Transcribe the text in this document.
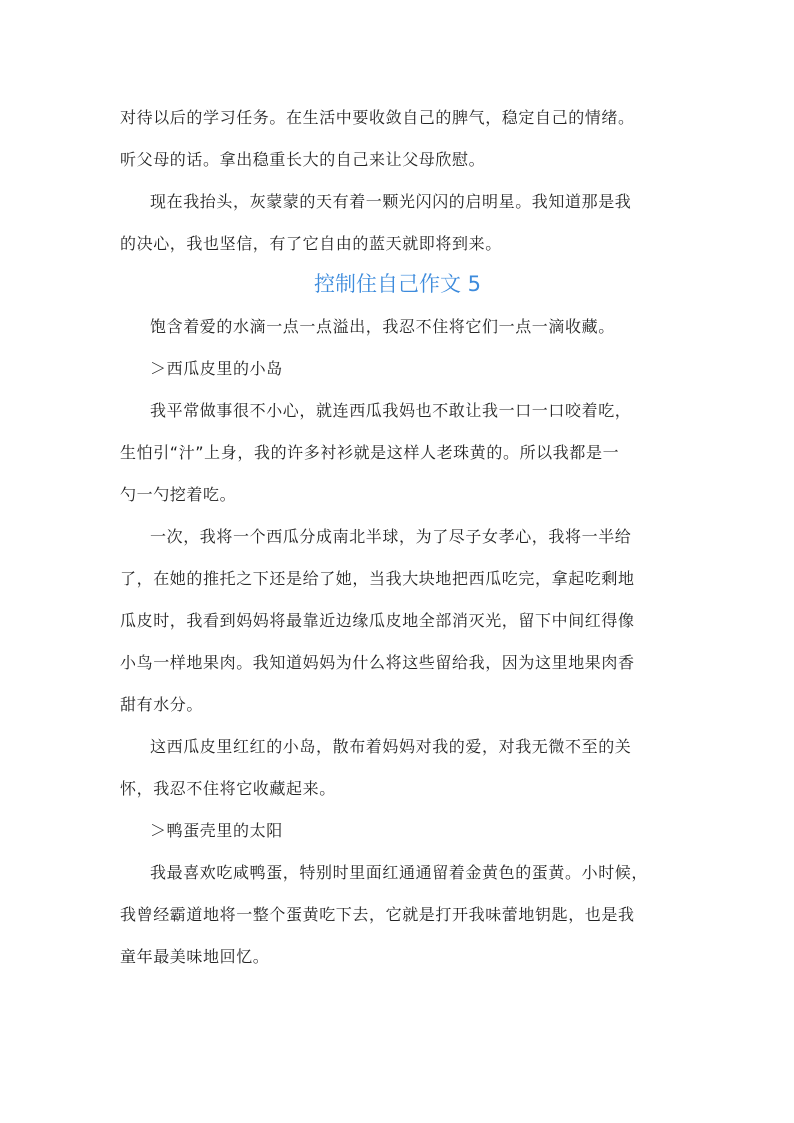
对待以后的学习任务。在生活中要收敛自己的脾气，稳定自己的情绪。
听父母的话。拿出稳重长大的自己来让父母欣慰。
现在我抬头，灰蒙蒙的天有着一颗光闪闪的启明星。我知道那是我
的决心，我也坚信，有了它自由的蓝天就即将到来。
控制住自己作文 5
饱含着爱的水滴一点一点溢出，我忍不住将它们一点一滴收藏。
＞西瓜皮里的小岛
我平常做事很不小心，就连西瓜我妈也不敢让我一口一口咬着吃，
生怕引“汁”上身，我的许多衬衫就是这样人老珠黄的。所以我都是一
勺一勺挖着吃。
一次，我将一个西瓜分成南北半球，为了尽子女孝心，我将一半给
了，在她的推托之下还是给了她，当我大块地把西瓜吃完，拿起吃剩地
瓜皮时，我看到妈妈将最靠近边缘瓜皮地全部消灭光，留下中间红得像
小鸟一样地果肉。我知道妈妈为什么将这些留给我，因为这里地果肉香
甜有水分。
这西瓜皮里红红的小岛，散布着妈妈对我的爱，对我无微不至的关
怀，我忍不住将它收藏起来。
＞鸭蛋壳里的太阳
我最喜欢吃咸鸭蛋，特别时里面红通通留着金黄色的蛋黄。小时候，
我曾经霸道地将一整个蛋黄吃下去，它就是打开我味蕾地钥匙，也是我
童年最美味地回忆。
